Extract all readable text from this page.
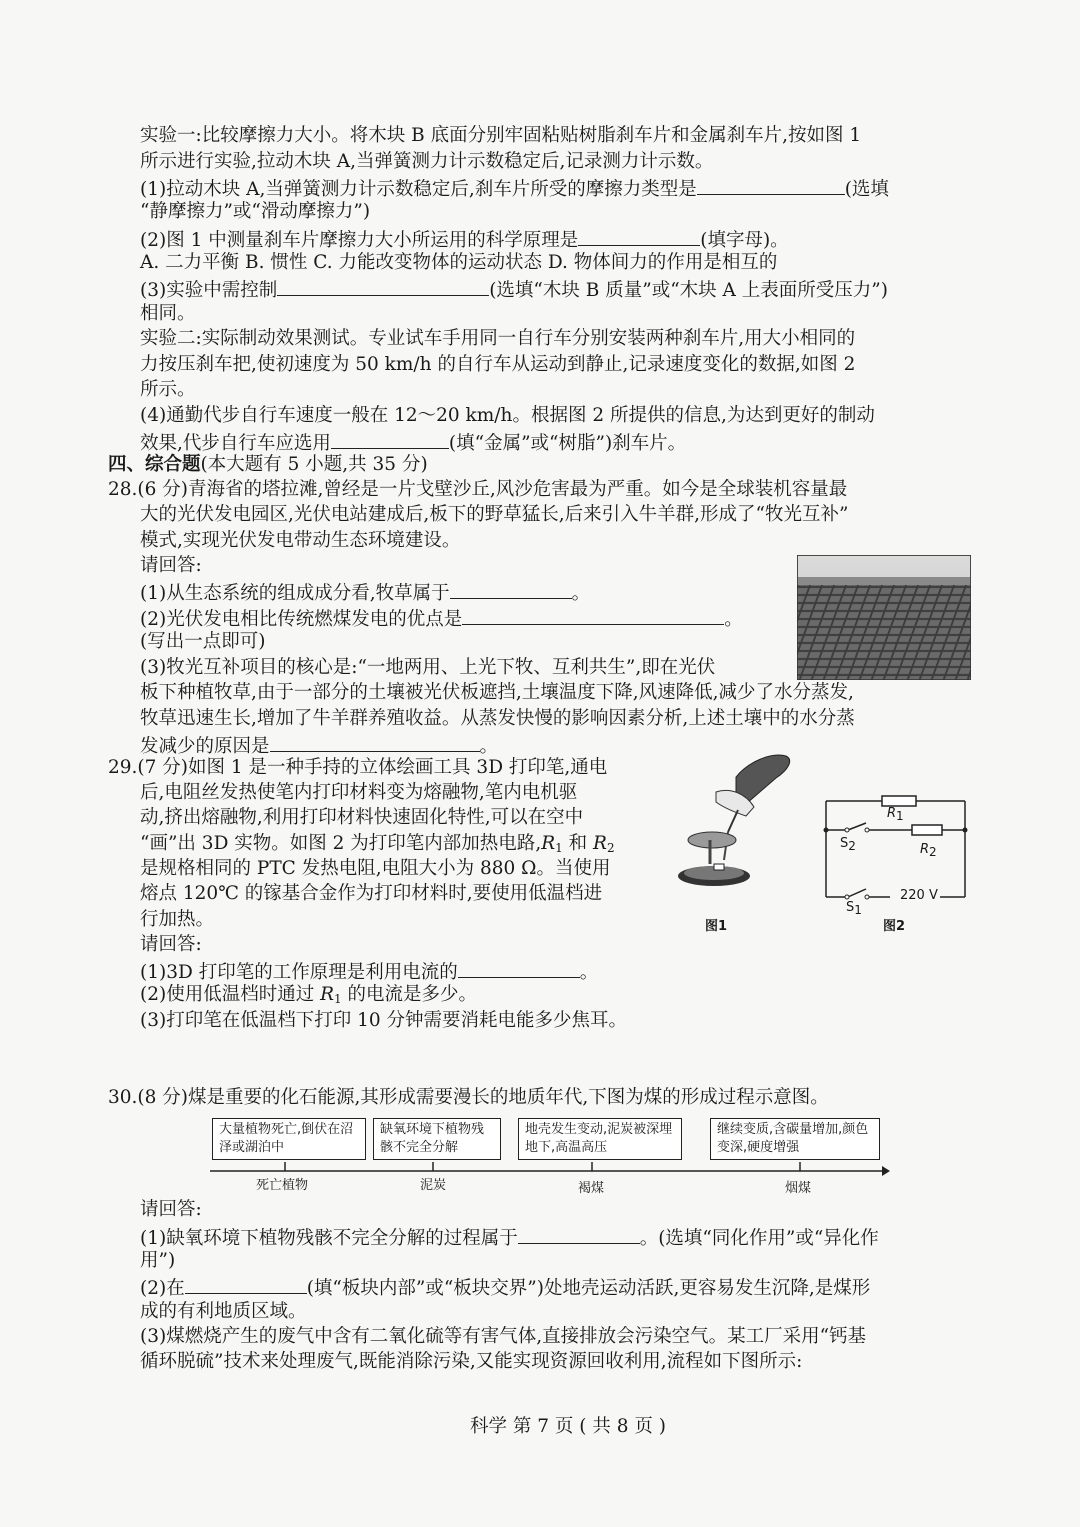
实验一:比较摩擦力大小。将木块 B 底面分别牢固粘贴树脂刹车片和金属刹车片,按如图 1
所示进行实验,拉动木块 A,当弹簧测力计示数稳定后,记录测力计示数。
(1)拉动木块 A,当弹簧测力计示数稳定后,刹车片所受的摩擦力类型是	(选填
“静摩擦力”或“滑动摩擦力”)
(2)图 1 中测量刹车片摩擦力大小所运用的科学原理是	(填字母)。
A. 二力平衡 B. 惯性 C. 力能改变物体的运动状态 D. 物体间力的作用是相互的
(3)实验中需控制	(选填“木块 B 质量”或“木块 A 上表面所受压力”)
相同。
实验二:实际制动效果测试。专业试车手用同一自行车分别安装两种刹车片,用大小相同的
力按压刹车把,使初速度为 50 km/h 的自行车从运动到静止,记录速度变化的数据,如图 2
所示。
(4)通勤代步自行车速度一般在 12～20 km/h。根据图 2 所提供的信息,为达到更好的制动
效果,代步自行车应选用	(填“金属”或“树脂”)刹车片。
四、综合题(本大题有 5 小题,共 35 分)
28.(6 分)青海省的塔拉滩,曾经是一片戈壁沙丘,风沙危害最为严重。如今是全球装机容量最
大的光伏发电园区,光伏电站建成后,板下的野草猛长,后来引入牛羊群,形成了“牧光互补”
模式,实现光伏发电带动生态环境建设。
请回答:
(1)从生态系统的组成成分看,牧草属于	。
(2)光伏发电相比传统燃煤发电的优点是	。
(写出一点即可)
(3)牧光互补项目的核心是:“一地两用、上光下牧、互利共生”,即在光伏
板下种植牧草,由于一部分的土壤被光伏板遮挡,土壤温度下降,风速降低,减少了水分蒸发,
牧草迅速生长,增加了牛羊群养殖收益。从蒸发快慢的影响因素分析,上述土壤中的水分蒸
发减少的原因是	。
29.(7 分)如图 1 是一种手持的立体绘画工具 3D 打印笔,通电
后,电阻丝发热使笔内打印材料变为熔融物,笔内电机驱
动,挤出熔融物,利用打印材料快速固化特性,可以在空中
“画”出 3D 实物。如图 2 为打印笔内部加热电路$,R_1$ 和 $R_2$
是规格相同的 PTC 发热电阻,电阻大小为 880 Ω。当使用
熔点 120℃ 的镓基合金作为打印材料时,要使用低温档进
行加热。
请回答:
(1)3D 打印笔的工作原理是利用电流的	。
(2)使用低温档时通过 $R_1$ 的电流是多少。
(3)打印笔在低温档下打印 10 分钟需要消耗电能多少焦耳。
图1
R1
R2
S2
S1
220 V
图2
30.(8 分)煤是重要的化石能源,其形成需要漫长的地质年代,下图为煤的形成过程示意图。
大量植物死亡,倒伏在沼泽或湖泊中
缺氧环境下植物残骸不完全分解
地壳发生变动,泥炭被深埋地下,高温高压
继续变质,含碳量增加,颜色变深,硬度增强
死亡植物	泥炭	褐煤	烟煤
请回答:
(1)缺氧环境下植物残骸不完全分解的过程属于	。(选填“同化作用”或“异化作
用”)
(2)在	(填“板块内部”或“板块交界”)处地壳运动活跃,更容易发生沉降,是煤形
成的有利地质区域。
(3)煤燃烧产生的废气中含有二氧化硫等有害气体,直接排放会污染空气。某工厂采用“钙基
循环脱硫”技术来处理废气,既能消除污染,又能实现资源回收利用,流程如下图所示:
科学 第 7 页 ( 共 8 页 )
